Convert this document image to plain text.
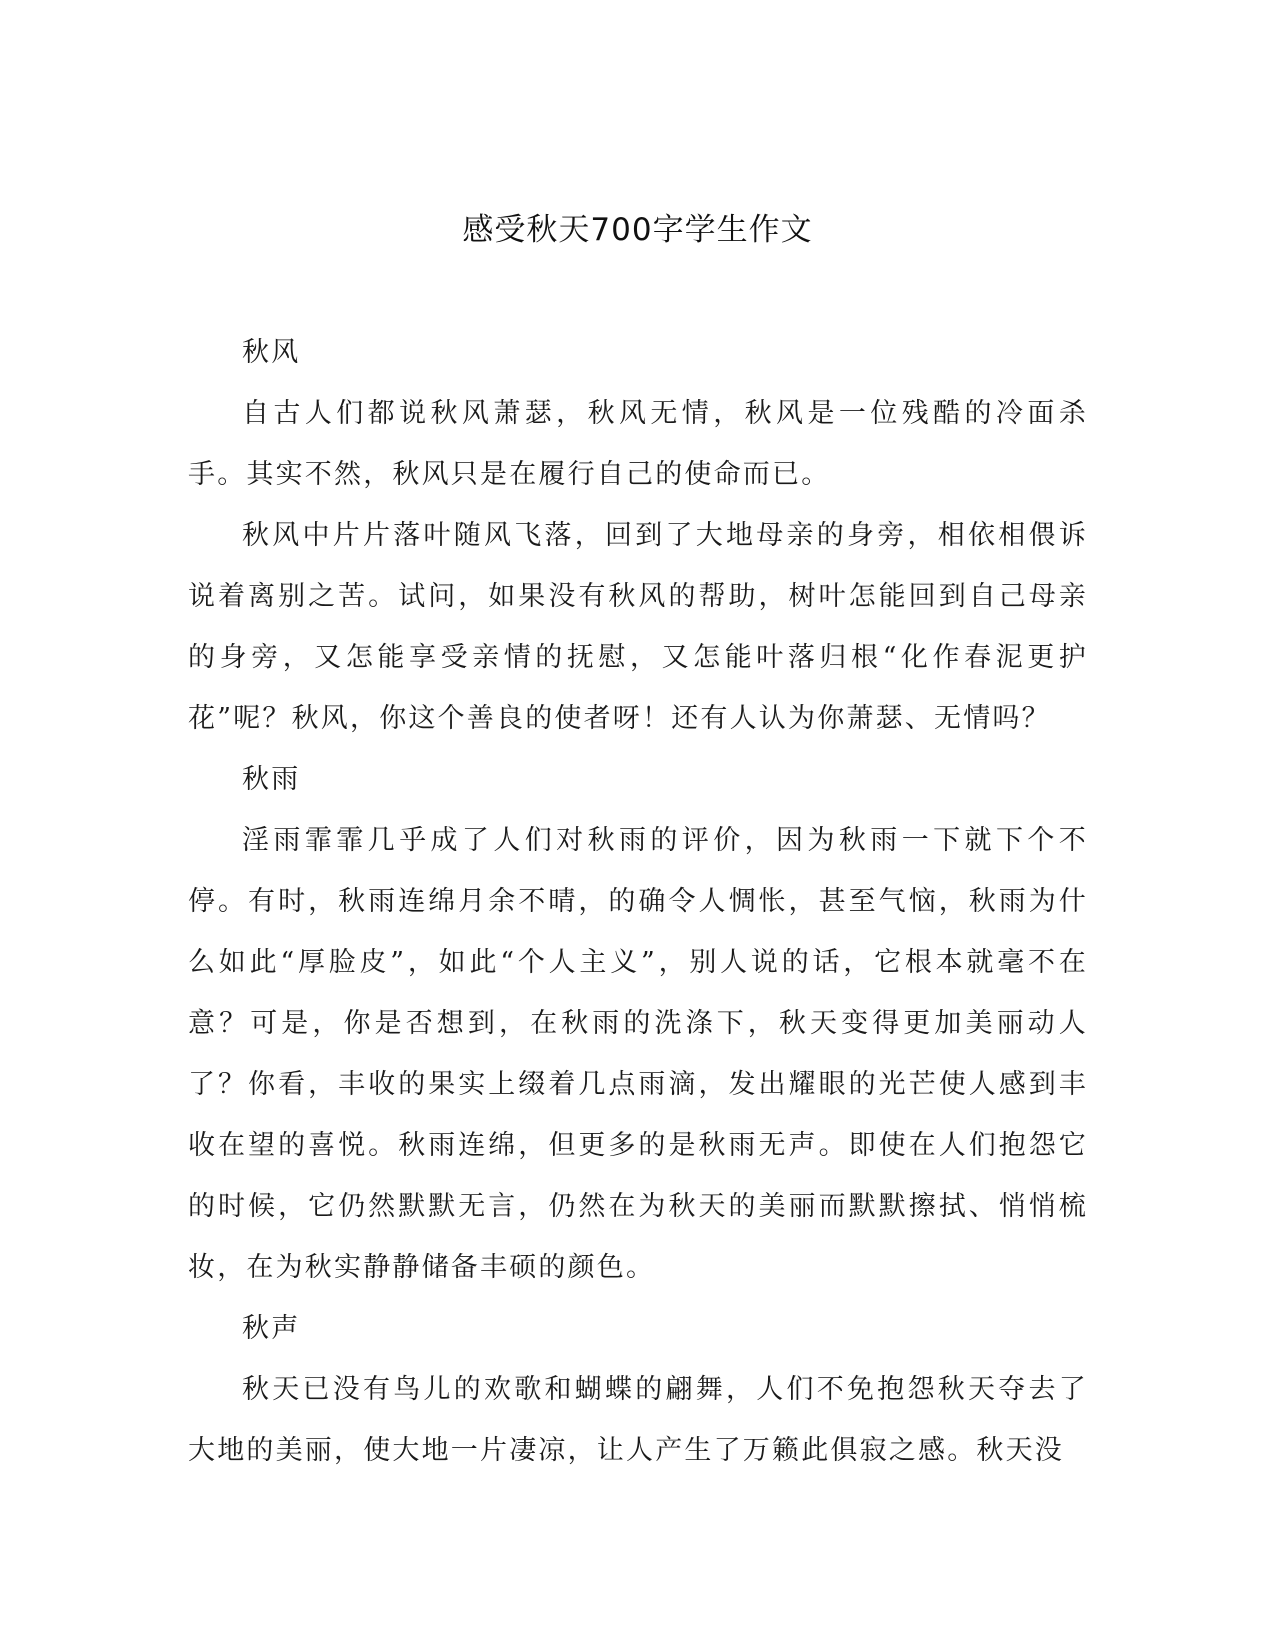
感受秋天700字学生作文

秋风

自古人们都说秋风萧瑟，秋风无情，秋风是一位残酷的冷面杀手。其实不然，秋风只是在履行自己的使命而已。

秋风中片片落叶随风飞落，回到了大地母亲的身旁，相依相偎诉说着离别之苦。试问，如果没有秋风的帮助，树叶怎能回到自己母亲的身旁，又怎能享受亲情的抚慰，又怎能叶落归根“化作春泥更护花”呢？秋风，你这个善良的使者呀！还有人认为你萧瑟、无情吗？

秋雨

淫雨霏霏几乎成了人们对秋雨的评价，因为秋雨一下就下个不停。有时，秋雨连绵月余不晴，的确令人惆怅，甚至气恼，秋雨为什么如此“厚脸皮”，如此“个人主义”，别人说的话，它根本就毫不在意？可是，你是否想到，在秋雨的洗涤下，秋天变得更加美丽动人了？你看，丰收的果实上缀着几点雨滴，发出耀眼的光芒使人感到丰收在望的喜悦。秋雨连绵，但更多的是秋雨无声。即使在人们抱怨它的时候，它仍然默默无言，仍然在为秋天的美丽而默默擦拭、悄悄梳妆，在为秋实静静储备丰硕的颜色。

秋声

秋天已没有鸟儿的欢歌和蝴蝶的翩舞，人们不免抱怨秋天夺去了大地的美丽，使大地一片凄凉，让人产生了万籁此俱寂之感。秋天没
